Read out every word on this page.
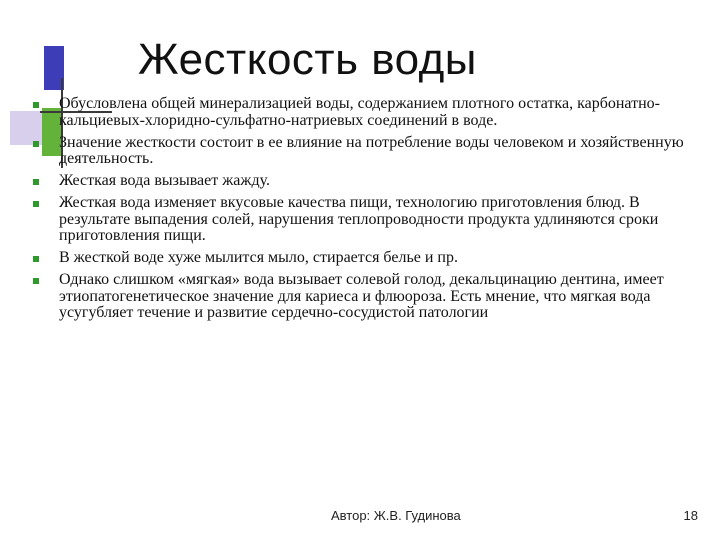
Жесткость воды
Обусловлена общей минерализацией воды, содержанием плотного остатка, карбонатно-кальциевых-хлоридно-сульфатно-натриевых соединений в воде.
Значение жесткости состоит в ее влияние на потребление воды человеком и хозяйственную деятельность.
Жесткая вода вызывает жажду.
Жесткая вода изменяет вкусовые качества пищи, технологию приготовления блюд. В результате выпадения солей, нарушения теплопроводности продукта удлиняются сроки приготовления пищи.
В жесткой воде хуже мылится мыло, стирается белье и пр.
Однако слишком «мягкая» вода вызывает солевой голод, декальцинацию дентина, имеет этиопатогенетическое значение для кариеса и флюороза. Есть мнение, что мягкая вода усугубляет течение и развитие сердечно-сосудистой патологии
Автор: Ж.В. Гудинова	18
